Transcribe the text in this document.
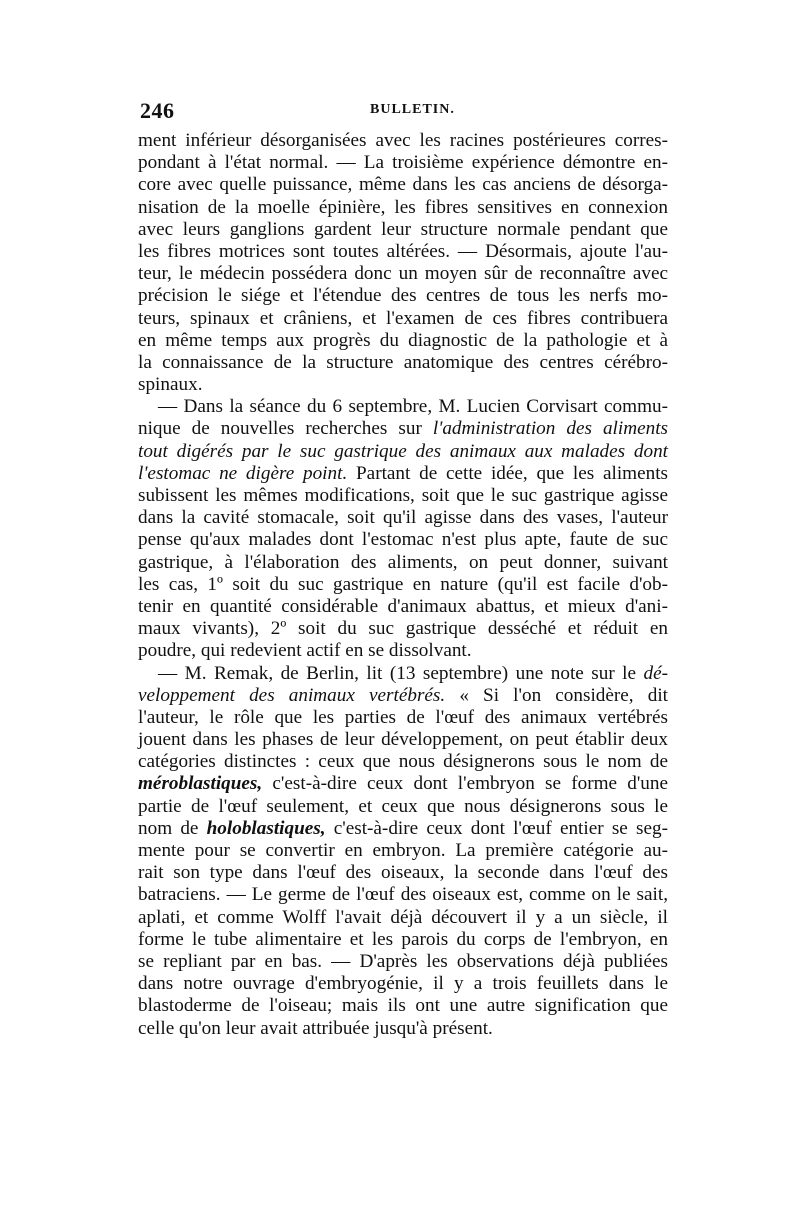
246	BULLETIN.
ment inférieur désorganisées avec les racines postérieures corres-
pondant à l'état normal. — La troisième expérience démontre en-
core avec quelle puissance, même dans les cas anciens de désorga-
nisation de la moelle épinière, les fibres sensitives en connexion
avec leurs ganglions gardent leur structure normale pendant que
les fibres motrices sont toutes altérées. — Désormais, ajoute l'au-
teur, le médecin possédera donc un moyen sûr de reconnaître avec
précision le siége et l'étendue des centres de tous les nerfs mo-
teurs, spinaux et crâniens, et l'examen de ces fibres contribuera
en même temps aux progrès du diagnostic de la pathologie et à
la connaissance de la structure anatomique des centres cérébro-
spinaux.
— Dans la séance du 6 septembre, M. Lucien Corvisart commu-
nique de nouvelles recherches sur l'administration des aliments
tout digérés par le suc gastrique des animaux aux malades dont
l'estomac ne digère point. Partant de cette idée, que les aliments
subissent les mêmes modifications, soit que le suc gastrique agisse
dans la cavité stomacale, soit qu'il agisse dans des vases, l'auteur
pense qu'aux malades dont l'estomac n'est plus apte, faute de suc
gastrique, à l'élaboration des aliments, on peut donner, suivant
les cas, 1º soit du suc gastrique en nature (qu'il est facile d'ob-
tenir en quantité considérable d'animaux abattus, et mieux d'ani-
maux vivants), 2º soit du suc gastrique desséché et réduit en
poudre, qui redevient actif en se dissolvant.
— M. Remak, de Berlin, lit (13 septembre) une note sur le dé-
veloppement des animaux vertébrés. « Si l'on considère, dit
l'auteur, le rôle que les parties de l'œuf des animaux vertébrés
jouent dans les phases de leur développement, on peut établir deux
catégories distinctes : ceux que nous désignerons sous le nom de
méroblastiques, c'est-à-dire ceux dont l'embryon se forme d'une
partie de l'œuf seulement, et ceux que nous désignerons sous le
nom de holoblastiques, c'est-à-dire ceux dont l'œuf entier se seg-
mente pour se convertir en embryon. La première catégorie au-
rait son type dans l'œuf des oiseaux, la seconde dans l'œuf des
batraciens. — Le germe de l'œuf des oiseaux est, comme on le sait,
aplati, et comme Wolff l'avait déjà découvert il y a un siècle, il
forme le tube alimentaire et les parois du corps de l'embryon, en
se repliant par en bas. — D'après les observations déjà publiées
dans notre ouvrage d'embryogénie, il y a trois feuillets dans le
blastoderme de l'oiseau; mais ils ont une autre signification que
celle qu'on leur avait attribuée jusqu'à présent.
